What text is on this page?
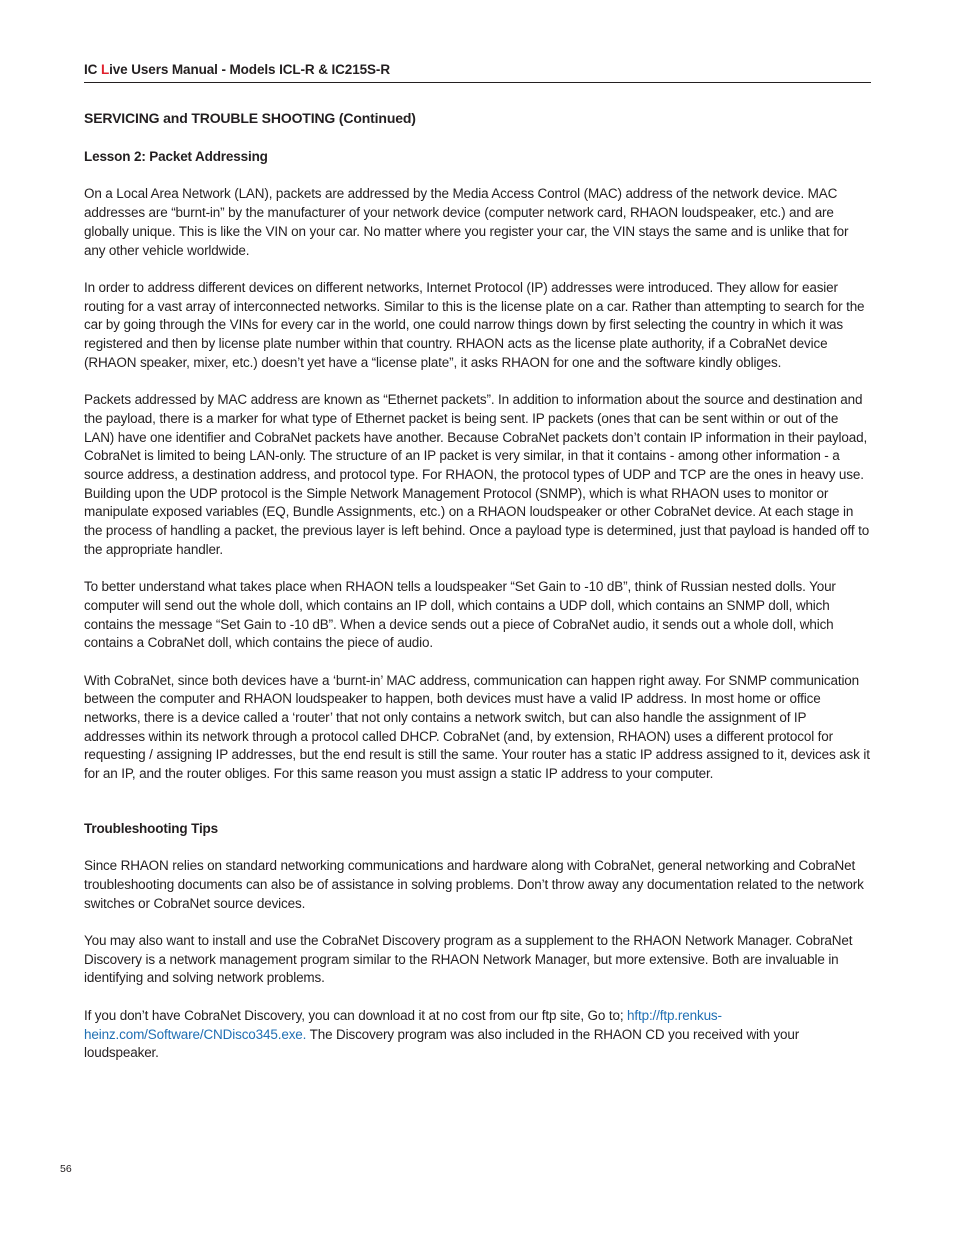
IC Live Users Manual - Models ICL-R & IC215S-R
SERVICING and TROUBLE SHOOTING (Continued)
Lesson 2: Packet Addressing

On a Local Area Network (LAN), packets are addressed by the Media Access Control (MAC) address of the network device. MAC addresses are “burnt-in” by the manufacturer of your network device (computer network card, RHAON loudspeaker, etc.) and are globally unique. This is like the VIN on your car. No matter where you register your car, the VIN stays the same and is unlike that for any other vehicle worldwide.

In order to address different devices on different networks, Internet Protocol (IP) addresses were introduced. They allow for easier routing for a vast array of interconnected networks. Similar to this is the license plate on a car. Rather than attempting to search for the car by going through the VINs for every car in the world, one could narrow things down by first selecting the country in which it was registered and then by license plate number within that country. RHAON acts as the license plate authority, if a CobraNet device (RHAON speaker, mixer, etc.) doesn’t yet have a “license plate”, it asks RHAON for one and the software kindly obliges.

Packets addressed by MAC address are known as “Ethernet packets”. In addition to information about the source and destination and the payload, there is a marker for what type of Ethernet packet is being sent. IP packets (ones that can be sent within or out of the LAN) have one identifier and CobraNet packets have another. Because CobraNet packets don’t contain IP information in their payload, CobraNet is limited to being LAN-only. The structure of an IP packet is very similar, in that it contains - among other information - a source address, a destination address, and protocol type. For RHAON, the protocol types of UDP and TCP are the ones in heavy use. Building upon the UDP protocol is the Simple Network Management Protocol (SNMP), which is what RHAON uses to monitor or manipulate exposed variables (EQ, Bundle Assignments, etc.) on a RHAON loudspeaker or other CobraNet device. At each stage in the process of handling a packet, the previous layer is left behind. Once a payload type is determined, just that payload is handed off to the appropriate handler.

To better understand what takes place when RHAON tells a loudspeaker “Set Gain to -10 dB”, think of Russian nested dolls. Your computer will send out the whole doll, which contains an IP doll, which contains a UDP doll, which contains an SNMP doll, which contains the message “Set Gain to -10 dB”. When a device sends out a piece of CobraNet audio, it sends out a whole doll, which contains a CobraNet doll, which contains the piece of audio.

With CobraNet, since both devices have a ‘burnt-in’ MAC address, communication can happen right away. For SNMP communication between the computer and RHAON loudspeaker to happen, both devices must have a valid IP address. In most home or office networks, there is a device called a ‘router’ that not only contains a network switch, but can also handle the assignment of IP addresses within its network through a protocol called DHCP. CobraNet (and, by extension, RHAON) uses a different protocol for requesting / assigning IP addresses, but the end result is still the same. Your router has a static IP address assigned to it, devices ask it for an IP, and the router obliges. For this same reason you must assign a static IP address to your computer.

Troubleshooting Tips

Since RHAON relies on standard networking communications and hardware along with CobraNet, general networking and CobraNet troubleshooting documents can also be of assistance in solving problems. Don’t throw away any documentation related to the network switches or CobraNet source devices.

You may also want to install and use the CobraNet Discovery program as a supplement to the RHAON Network Manager. CobraNet Discovery is a network management program similar to the RHAON Network Manager, but more extensive. Both are invaluable in identifying and solving network problems.

If you don’t have CobraNet Discovery, you can download it at no cost from our ftp site, Go to; hftp://ftp.renkus-heinz.com/Software/CNDisco345.exe. The Discovery program was also included in the RHAON CD you received with your loudspeaker.

56
